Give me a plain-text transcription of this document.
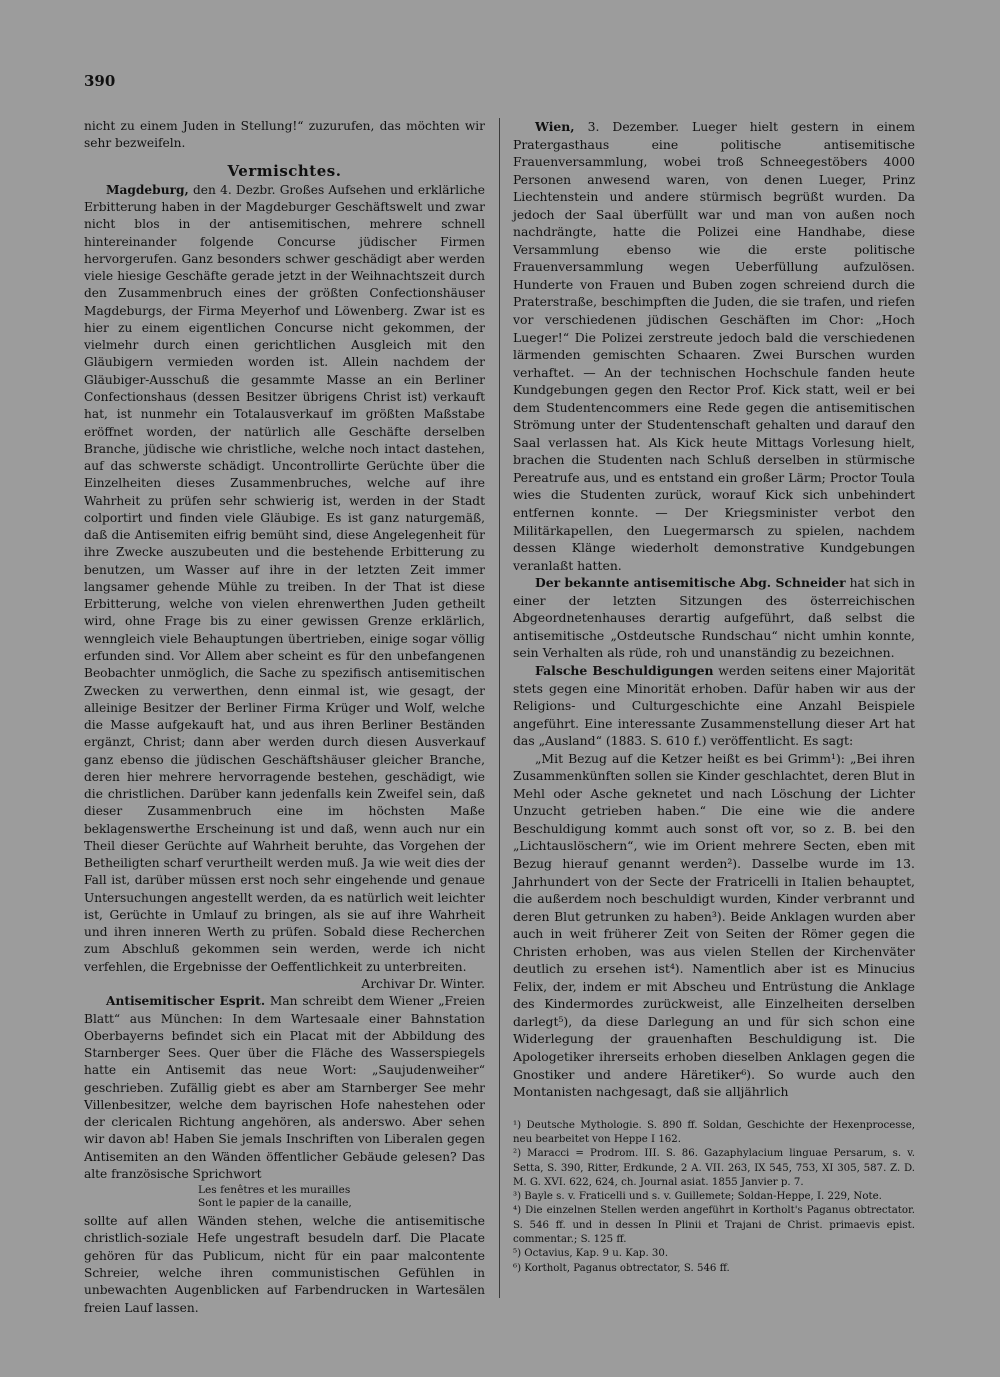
390

nicht zu einem Juden in Stellung!“ zuzurufen, das möchten wir sehr bezweifeln.

Vermischtes.

Magdeburg, den 4. Dezbr. Großes Aufsehen und erklärliche Erbitterung haben in der Magdeburger Geschäftswelt und zwar nicht blos in der antisemitischen, mehrere schnell hintereinander folgende Concurse jüdischer Firmen hervorgerufen. Ganz besonders schwer geschädigt aber werden viele hiesige Geschäfte gerade jetzt in der Weihnachtszeit durch den Zusammenbruch eines der größten Confectionshäuser Magdeburgs, der Firma Meyerhof und Löwenberg. Zwar ist es hier zu einem eigentlichen Concurse nicht gekommen, der vielmehr durch einen gerichtlichen Ausgleich mit den Gläubigern vermieden worden ist. Allein nachdem der Gläubiger-Ausschuß die gesammte Masse an ein Berliner Confectionshaus (dessen Besitzer übrigens Christ ist) verkauft hat, ist nunmehr ein Totalausverkauf im größten Maßstabe eröffnet worden, der natürlich alle Geschäfte derselben Branche, jüdische wie christliche, welche noch intact dastehen, auf das schwerste schädigt. Uncontrollirte Gerüchte über die Einzelheiten dieses Zusammenbruches, welche auf ihre Wahrheit zu prüfen sehr schwierig ist, werden in der Stadt colportirt und finden viele Gläubige. Es ist ganz naturgemäß, daß die Antisemiten eifrig bemüht sind, diese Angelegenheit für ihre Zwecke auszubeuten und die bestehende Erbitterung zu benutzen, um Wasser auf ihre in der letzten Zeit immer langsamer gehende Mühle zu treiben. In der That ist diese Erbitterung, welche von vielen ehrenwerthen Juden getheilt wird, ohne Frage bis zu einer gewissen Grenze erklärlich, wenngleich viele Behauptungen übertrieben, einige sogar völlig erfunden sind. Vor Allem aber scheint es für den unbefangenen Beobachter unmöglich, die Sache zu spezifisch antisemitischen Zwecken zu verwerthen, denn einmal ist, wie gesagt, der alleinige Besitzer der Berliner Firma Krüger und Wolf, welche die Masse aufgekauft hat, und aus ihren Berliner Beständen ergänzt, Christ; dann aber werden durch diesen Ausverkauf ganz ebenso die jüdischen Geschäftshäuser gleicher Branche, deren hier mehrere hervorragende bestehen, geschädigt, wie die christlichen. Darüber kann jedenfalls kein Zweifel sein, daß dieser Zusammenbruch eine im höchsten Maße beklagenswerthe Erscheinung ist und daß, wenn auch nur ein Theil dieser Gerüchte auf Wahrheit beruhte, das Vorgehen der Betheiligten scharf verurtheilt werden muß. Ja wie weit dies der Fall ist, darüber müssen erst noch sehr eingehende und genaue Untersuchungen angestellt werden, da es natürlich weit leichter ist, Gerüchte in Umlauf zu bringen, als sie auf ihre Wahrheit und ihren inneren Werth zu prüfen. Sobald diese Recherchen zum Abschluß gekommen sein werden, werde ich nicht verfehlen, die Ergebnisse der Oeffentlichkeit zu unterbreiten.

Archivar Dr. Winter.

Antisemitischer Esprit. Man schreibt dem Wiener „Freien Blatt“ aus München: In dem Wartesaale einer Bahnstation Oberbayerns befindet sich ein Placat mit der Abbildung des Starnberger Sees. Quer über die Fläche des Wasserspiegels hatte ein Antisemit das neue Wort: „Saujudenweiher“ geschrieben. Zufällig giebt es aber am Starnberger See mehr Villenbesitzer, welche dem bayrischen Hofe nahestehen oder der clericalen Richtung angehören, als anderswo. Aber sehen wir davon ab! Haben Sie jemals Inschriften von Liberalen gegen Antisemiten an den Wänden öffentlicher Gebäude gelesen? Das alte französische Sprichwort

Les fenêtres et les murailles

Sont le papier de la canaille,

sollte auf allen Wänden stehen, welche die antisemitische christlich-soziale Hefe ungestraft besudeln darf. Die Placate gehören für das Publicum, nicht für ein paar malcontente Schreier, welche ihren communistischen Gefühlen in unbewachten Augenblicken auf Farbendrucken in Wartesälen freien Lauf lassen.

Wien, 3. Dezember. Lueger hielt gestern in einem Pratergasthaus eine politische antisemitische Frauenversammlung, wobei troß Schneegestöbers 4000 Personen anwesend waren, von denen Lueger, Prinz Liechtenstein und andere stürmisch begrüßt wurden. Da jedoch der Saal überfüllt war und man von außen noch nachdrängte, hatte die Polizei eine Handhabe, diese Versammlung ebenso wie die erste politische Frauenversammlung wegen Ueberfüllung aufzulösen. Hunderte von Frauen und Buben zogen schreiend durch die Praterstraße, beschimpften die Juden, die sie trafen, und riefen vor verschiedenen jüdischen Geschäften im Chor: „Hoch Lueger!“ Die Polizei zerstreute jedoch bald die verschiedenen lärmenden gemischten Schaaren. Zwei Burschen wurden verhaftet. — An der technischen Hochschule fanden heute Kundgebungen gegen den Rector Prof. Kick statt, weil er bei dem Studentencommers eine Rede gegen die antisemitischen Strömung unter der Studentenschaft gehalten und darauf den Saal verlassen hat. Als Kick heute Mittags Vorlesung hielt, brachen die Studenten nach Schluß derselben in stürmische Pereatrufe aus, und es entstand ein großer Lärm; Proctor Toula wies die Studenten zurück, worauf Kick sich unbehindert entfernen konnte. — Der Kriegsminister verbot den Militärkapellen, den Luegermarsch zu spielen, nachdem dessen Klänge wiederholt demonstrative Kundgebungen veranlaßt hatten.

Der bekannte antisemitische Abg. Schneider hat sich in einer der letzten Sitzungen des österreichischen Abgeordnetenhauses derartig aufgeführt, daß selbst die antisemitische „Ostdeutsche Rundschau“ nicht umhin konnte, sein Verhalten als rüde, roh und unanständig zu bezeichnen.

Falsche Beschuldigungen werden seitens einer Majorität stets gegen eine Minorität erhoben. Dafür haben wir aus der Religions- und Culturgeschichte eine Anzahl Beispiele angeführt. Eine interessante Zusammenstellung dieser Art hat das „Ausland“ (1883. S. 610 f.) veröffentlicht. Es sagt:

„Mit Bezug auf die Ketzer heißt es bei Grimm¹): „Bei ihren Zusammenkünften sollen sie Kinder geschlachtet, deren Blut in Mehl oder Asche geknetet und nach Löschung der Lichter Unzucht getrieben haben.“ Die eine wie die andere Beschuldigung kommt auch sonst oft vor, so z. B. bei den „Lichtauslöschern“, wie im Orient mehrere Secten, eben mit Bezug hierauf genannt werden²). Dasselbe wurde im 13. Jahrhundert von der Secte der Fratricelli in Italien behauptet, die außerdem noch beschuldigt wurden, Kinder verbrannt und deren Blut getrunken zu haben³). Beide Anklagen wurden aber auch in weit früherer Zeit von Seiten der Römer gegen die Christen erhoben, was aus vielen Stellen der Kirchenväter deutlich zu ersehen ist⁴). Namentlich aber ist es Minucius Felix, der, indem er mit Abscheu und Entrüstung die Anklage des Kindermordes zurückweist, alle Einzelheiten derselben darlegt⁵), da diese Darlegung an und für sich schon eine Widerlegung der grauenhaften Beschuldigung ist. Die Apologetiker ihrerseits erhoben dieselben Anklagen gegen die Gnostiker und andere Häretiker⁶). So wurde auch den Montanisten nachgesagt, daß sie alljährlich

¹) Deutsche Mythologie. S. 890 ff. Soldan, Geschichte der Hexenprocesse, neu bearbeitet von Heppe I 162.

²) Maracci = Prodrom. III. S. 86. Gazaphylacium linguae Persarum, s. v. Setta, S. 390, Ritter, Erdkunde, 2 A. VII. 263, IX 545, 753, XI 305, 587. Z. D. M. G. XVI. 622, 624, ch. Journal asiat. 1855 Janvier p. 7.

³) Bayle s. v. Fraticelli und s. v. Guillemete; Soldan-Heppe, I. 229, Note.

⁴) Die einzelnen Stellen werden angeführt in Kortholt's Paganus obtrectator. S. 546 ff. und in dessen In Plinii et Trajani de Christ. primaevis epist. commentar.; S. 125 ff.

⁵) Octavius, Kap. 9 u. Kap. 30.

⁶) Kortholt, Paganus obtrectator, S. 546 ff.
